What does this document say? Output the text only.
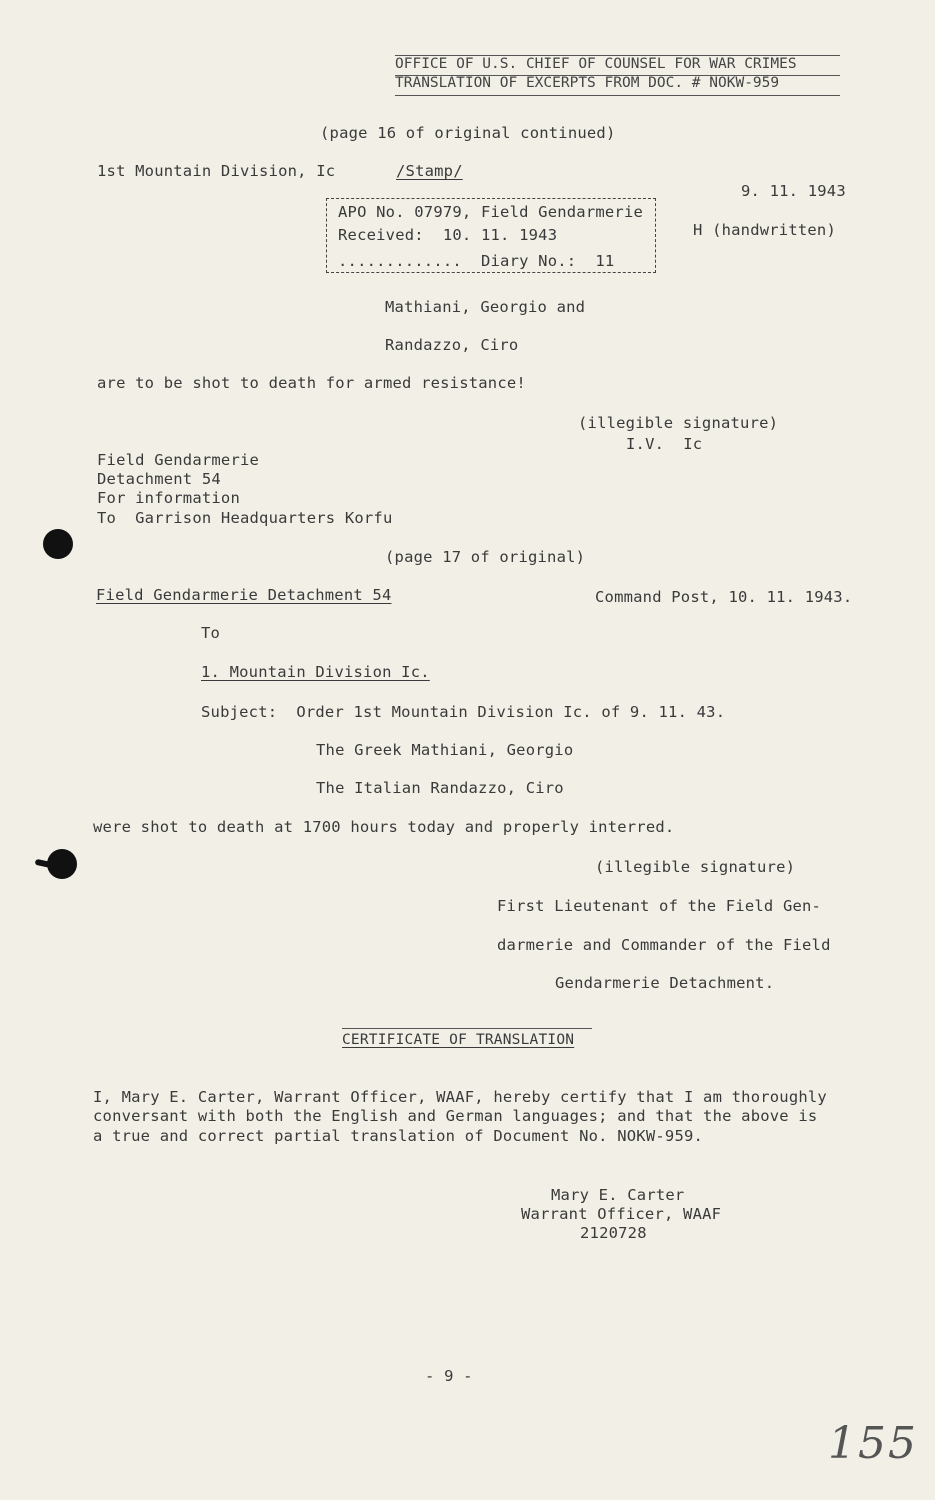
OFFICE OF U.S. CHIEF OF COUNSEL FOR WAR CRIMES
TRANSLATION OF EXCERPTS FROM DOC. # NOKW-959
(page 16 of original continued)
1st Mountain Division, Ic	/Stamp/
9. 11. 1943
H (handwritten)
APO No. 07979, Field Gendarmerie
Received:  10. 11. 1943
.............  Diary No.:  11
Mathiani, Georgio and
Randazzo, Ciro
are to be shot to death for armed resistance!
(illegible signature)
I.V.  Ic
Field Gendarmerie
Detachment 54
For information
To  Garrison Headquarters Korfu
(page 17 of original)
Field Gendarmerie Detachment 54	Command Post, 10. 11. 1943.
To
1. Mountain Division Ic.
Subject:  Order 1st Mountain Division Ic. of 9. 11. 43.
The Greek Mathiani, Georgio
The Italian Randazzo, Ciro
were shot to death at 1700 hours today and properly interred.
(illegible signature)
First Lieutenant of the Field Gen-
darmerie and Commander of the Field
Gendarmerie Detachment.
CERTIFICATE OF TRANSLATION
I, Mary E. Carter, Warrant Officer, WAAF, hereby certify that I am thoroughly
conversant with both the English and German languages; and that the above is
a true and correct partial translation of Document No. NOKW-959.
Mary E. Carter
Warrant Officer, WAAF
2120728
- 9 -
155
